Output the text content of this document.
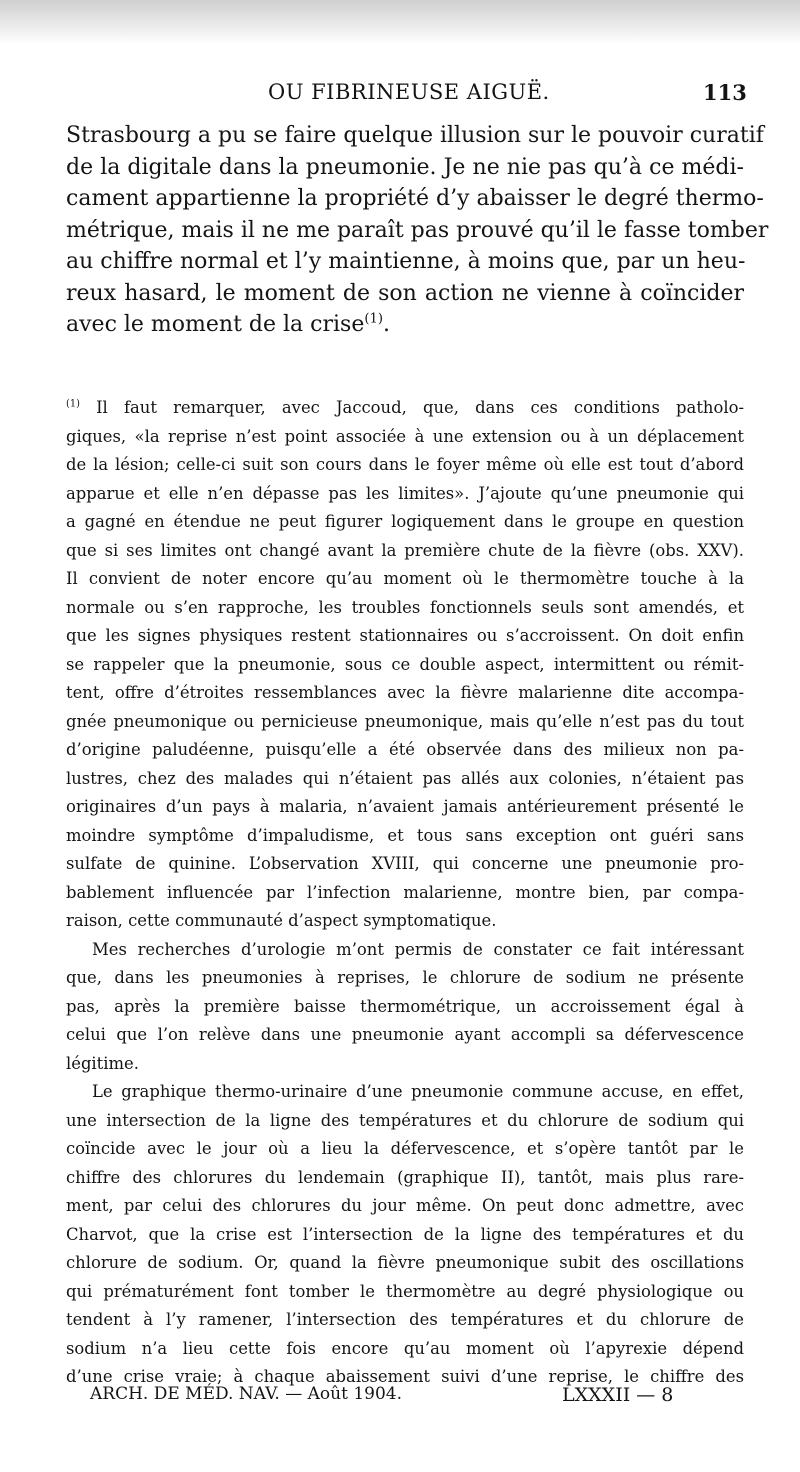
OU FIBRINEUSE AIGUË.	113
Strasbourg a pu se faire quelque illusion sur le pouvoir curatif
de la digitale dans la pneumonie. Je ne nie pas qu’à ce médi-
cament appartienne la propriété d’y abaisser le degré thermo-
métrique, mais il ne me paraît pas prouvé qu’il le fasse tomber
au chiffre normal et l’y maintienne, à moins que, par un heu-
reux hasard, le moment de son action ne vienne à coïncider
avec le moment de la crise$^{(1)}$.
$^{(1)}$ Il faut remarquer, avec Jaccoud, que, dans ces conditions patholo-
giques, «la reprise n’est point associée à une extension ou à un déplacement
de la lésion; celle-ci suit son cours dans le foyer même où elle est tout d’abord
apparue et elle n’en dépasse pas les limites». J’ajoute qu’une pneumonie qui
a gagné en étendue ne peut figurer logiquement dans le groupe en question
que si ses limites ont changé avant la première chute de la fièvre (obs. XXV).
Il convient de noter encore qu’au moment où le thermomètre touche à la
normale ou s’en rapproche, les troubles fonctionnels seuls sont amendés, et
que les signes physiques restent stationnaires ou s’accroissent. On doit enfin
se rappeler que la pneumonie, sous ce double aspect, intermittent ou rémit-
tent, offre d’étroites ressemblances avec la fièvre malarienne dite accompa-
gnée pneumonique ou pernicieuse pneumonique, mais qu’elle n’est pas du tout
d’origine paludéenne, puisqu’elle a été observée dans des milieux non pa-
lustres, chez des malades qui n’étaient pas allés aux colonies, n’étaient pas
originaires d’un pays à malaria, n’avaient jamais antérieurement présenté le
moindre symptôme d’impaludisme, et tous sans exception ont guéri sans
sulfate de quinine. L’observation XVIII, qui concerne une pneumonie pro-
bablement influencée par l’infection malarienne, montre bien, par compa-
raison, cette communauté d’aspect symptomatique.
Mes recherches d’urologie m’ont permis de constater ce fait intéressant
que, dans les pneumonies à reprises, le chlorure de sodium ne présente
pas, après la première baisse thermométrique, un accroissement égal à
celui que l’on relève dans une pneumonie ayant accompli sa défervescence
légitime.
Le graphique thermo-urinaire d’une pneumonie commune accuse, en effet,
une intersection de la ligne des températures et du chlorure de sodium qui
coïncide avec le jour où a lieu la défervescence, et s’opère tantôt par le
chiffre des chlorures du lendemain (graphique II), tantôt, mais plus rare-
ment, par celui des chlorures du jour même. On peut donc admettre, avec
Charvot, que la crise est l’intersection de la ligne des températures et du
chlorure de sodium. Or, quand la fièvre pneumonique subit des oscillations
qui prématurément font tomber le thermomètre au degré physiologique ou
tendent à l’y ramener, l’intersection des températures et du chlorure de
sodium n’a lieu cette fois encore qu’au moment où l’apyrexie dépend
d’une crise vraie; à chaque abaissement suivi d’une reprise, le chiffre des
ARCH. DE MÉD. NAV. — Août 1904.	LXXXII — 8
